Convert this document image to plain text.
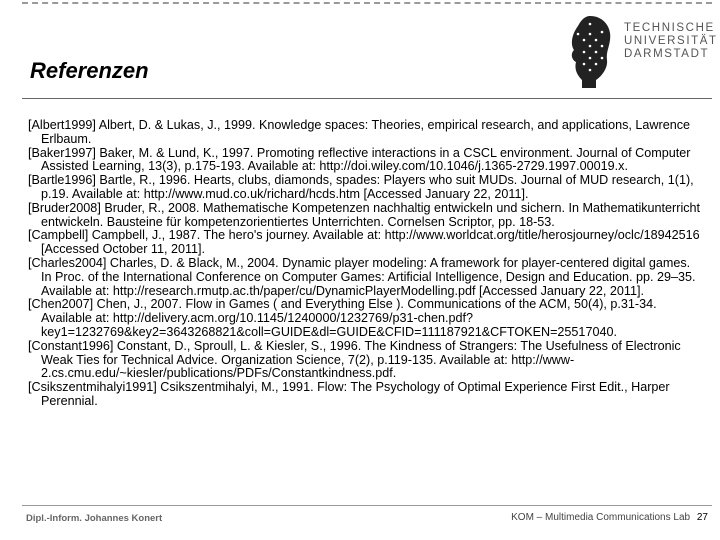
Referenzen
TECHNISCHE
UNIVERSITÄT
DARMSTADT
[Albert1999] Albert, D. & Lukas, J., 1999. Knowledge spaces: Theories, empirical research, and applications, Lawrence Erlbaum.
[Baker1997] Baker, M. & Lund, K., 1997. Promoting reflective interactions in a CSCL environment. Journal of Computer Assisted Learning, 13(3), p.175-193. Available at: http://doi.wiley.com/10.1046/j.1365-2729.1997.00019.x.
[Bartle1996] Bartle, R., 1996. Hearts, clubs, diamonds, spades: Players who suit MUDs. Journal of MUD research, 1(1), p.19. Available at: http://www.mud.co.uk/richard/hcds.htm [Accessed January 22, 2011].
[Bruder2008] Bruder, R., 2008. Mathematische Kompetenzen nachhaltig entwickeln und sichern. In Mathematikunterricht entwickeln. Bausteine für kompetenzorientiertes Unterrichten. Cornelsen Scriptor, pp. 18-53.
[Campbell] Campbell, J., 1987. The hero's journey. Available at: http://www.worldcat.org/title/herosjourney/oclc/18942516 [Accessed October 11, 2011].
[Charles2004] Charles, D. & Black, M., 2004. Dynamic player modeling: A framework for player-centered digital games. In Proc. of the International Conference on Computer Games: Artificial Intelligence, Design and Education. pp. 29–35. Available at: http://research.rmutp.ac.th/paper/cu/DynamicPlayerModelling.pdf [Accessed January 22, 2011].
[Chen2007] Chen, J., 2007. Flow in Games ( and Everything Else ). Communications of the ACM, 50(4), p.31-34. Available at: http://delivery.acm.org/10.1145/1240000/1232769/p31-chen.pdf?key1=1232769&key2=3643268821&coll=GUIDE&dl=GUIDE&CFID=111187921&CFTOKEN=25517040.
[Constant1996] Constant, D., Sproull, L. & Kiesler, S., 1996. The Kindness of Strangers: The Usefulness of Electronic Weak Ties for Technical Advice. Organization Science, 7(2), p.119-135. Available at: http://www-2.cs.cmu.edu/~kiesler/publications/PDFs/Constantkindness.pdf.
[Csikszentmihalyi1991] Csikszentmihalyi, M., 1991. Flow: The Psychology of Optimal Experience First Edit., Harper Perennial.
Dipl.-Inform. Johannes Konert	KOM – Multimedia Communications Lab 27
